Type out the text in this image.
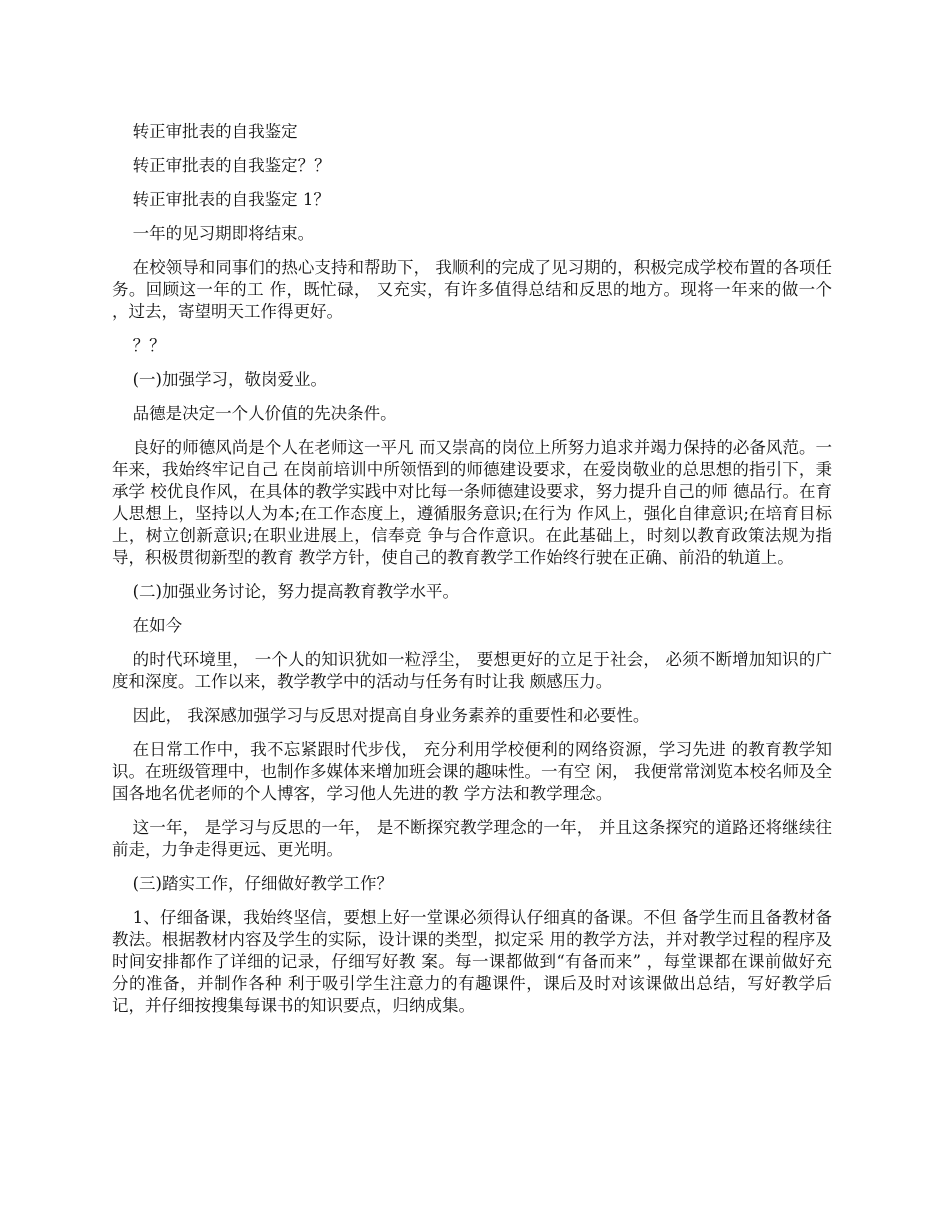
转正审批表的自我鉴定

转正审批表的自我鉴定？？

转正审批表的自我鉴定 1？

一年的见习期即将结束。

在校领导和同事们的热心支持和帮助下， 我顺利的完成了见习期的，积极完成学校布置的各项任务。回顾这一年的工 作，既忙碌， 又充实，有许多值得总结和反思的地方。现将一年来的做一个 ，过去，寄望明天工作得更好。

？？

(一)加强学习，敬岗爱业。

品德是决定一个人价值的先决条件。

良好的师德风尚是个人在老师这一平凡 而又崇高的岗位上所努力追求并竭力保持的必备风范。一年来，我始终牢记自己 在岗前培训中所领悟到的师德建设要求，在爱岗敬业的总思想的指引下，秉承学 校优良作风，在具体的教学实践中对比每一条师德建设要求，努力提升自己的师 德品行。在育人思想上，坚持以人为本;在工作态度上，遵循服务意识;在行为 作风上，强化自律意识;在培育目标上，树立创新意识;在职业进展上，信奉竞 争与合作意识。在此基础上，时刻以教育政策法规为指导，积极贯彻新型的教育 教学方针，使自己的教育教学工作始终行驶在正确、前沿的轨道上。

(二)加强业务讨论，努力提高教育教学水平。

在如今

的时代环境里， 一个人的知识犹如一粒浮尘， 要想更好的立足于社会， 必须不断增加知识的广度和深度。工作以来，教学教学中的活动与任务有时让我 颇感压力。

因此， 我深感加强学习与反思对提高自身业务素养的重要性和必要性。

在日常工作中，我不忘紧跟时代步伐， 充分利用学校便利的网络资源，学习先进 的教育教学知识。在班级管理中，也制作多媒体来增加班会课的趣味性。一有空 闲， 我便常常浏览本校名师及全国各地名优老师的个人博客，学习他人先进的教 学方法和教学理念。

这一年， 是学习与反思的一年， 是不断探究教学理念的一年， 并且这条探究的道路还将继续往前走，力争走得更远、更光明。

(三)踏实工作，仔细做好教学工作？

1、仔细备课，我始终坚信，要想上好一堂课必须得认仔细真的备课。不但 备学生而且备教材备教法。根据教材内容及学生的实际，设计课的类型，拟定采 用的教学方法，并对教学过程的程序及时间安排都作了详细的记录，仔细写好教 案。每一课都做到“有备而来” ，每堂课都在课前做好充分的准备，并制作各种 利于吸引学生注意力的有趣课件，课后及时对该课做出总结，写好教学后记，并仔细按搜集每课书的知识要点，归纳成集。
